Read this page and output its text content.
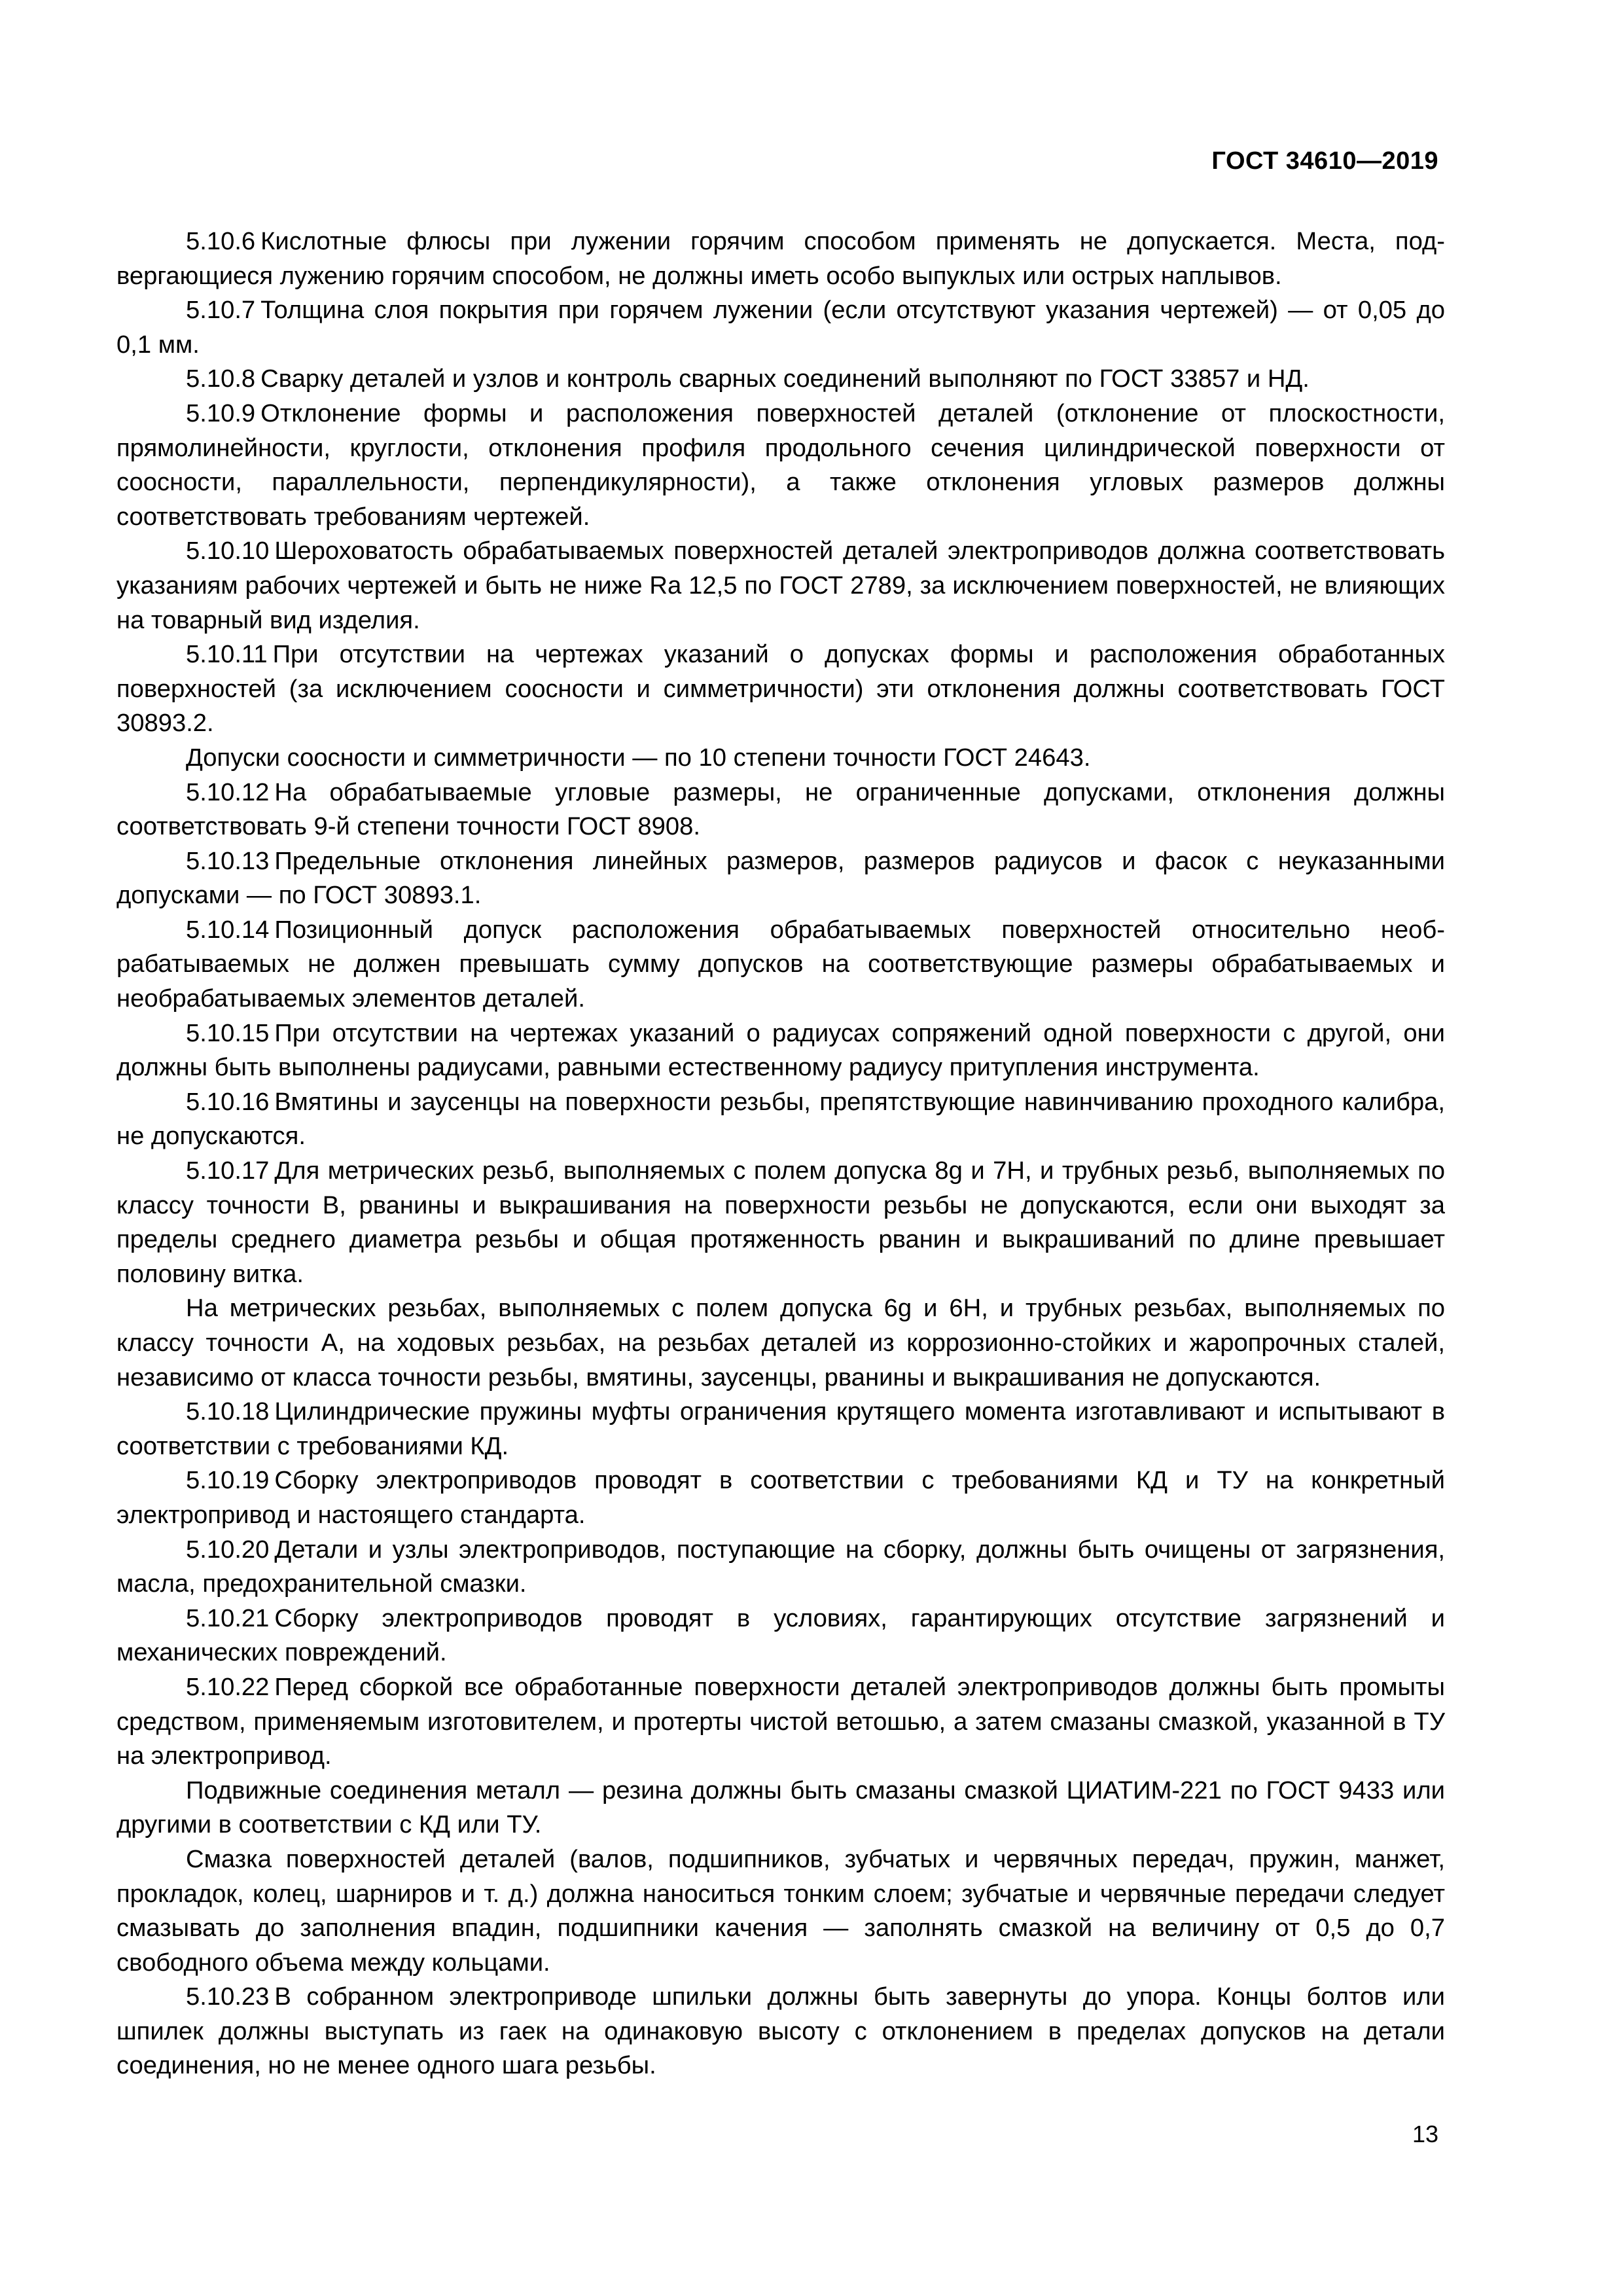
ГОСТ 34610—2019

5.10.6 Кислотные флюсы при лужении горячим способом применять не допускается. Места, подвергающиеся лужению горячим способом, не должны иметь особо выпуклых или острых наплывов.

5.10.7 Толщина слоя покрытия при горячем лужении (если отсутствуют указания чертежей) — от 0,05 до 0,1 мм.

5.10.8 Сварку деталей и узлов и контроль сварных соединений выполняют по ГОСТ 33857 и НД.

5.10.9 Отклонение формы и расположения поверхностей деталей (отклонение от плоскостности, прямолинейности, круглости, отклонения профиля продольного сечения цилиндрической поверхности от соосности, параллельности, перпендикулярности), а также отклонения угловых размеров должны соответствовать требованиям чертежей.

5.10.10 Шероховатость обрабатываемых поверхностей деталей электроприводов должна соответствовать указаниям рабочих чертежей и быть не ниже Ra 12,5 по ГОСТ 2789, за исключением поверхностей, не влияющих на товарный вид изделия.

5.10.11 При отсутствии на чертежах указаний о допусках формы и расположения обработанных поверхностей (за исключением соосности и симметричности) эти отклонения должны соответствовать ГОСТ 30893.2.

Допуски соосности и симметричности — по 10 степени точности ГОСТ 24643.

5.10.12 На обрабатываемые угловые размеры, не ограниченные допусками, отклонения должны соответствовать 9-й степени точности ГОСТ 8908.

5.10.13 Предельные отклонения линейных размеров, размеров радиусов и фасок с неуказанными допусками — по ГОСТ 30893.1.

5.10.14 Позиционный допуск расположения обрабатываемых поверхностей относительно необрабатываемых не должен превышать сумму допусков на соответствующие размеры обрабатываемых и необрабатываемых элементов деталей.

5.10.15 При отсутствии на чертежах указаний о радиусах сопряжений одной поверхности с другой, они должны быть выполнены радиусами, равными естественному радиусу притупления инструмента.

5.10.16 Вмятины и заусенцы на поверхности резьбы, препятствующие навинчиванию проходного калибра, не допускаются.

5.10.17 Для метрических резьб, выполняемых с полем допуска 8g и 7H, и трубных резьб, выполняемых по классу точности B, рванины и выкрашивания на поверхности резьбы не допускаются, если они выходят за пределы среднего диаметра резьбы и общая протяженность рванин и выкрашиваний по длине превышает половину витка.

На метрических резьбах, выполняемых с полем допуска 6g и 6H, и трубных резьбах, выполняемых по классу точности A, на ходовых резьбах, на резьбах деталей из коррозионно-стойких и жаропрочных сталей, независимо от класса точности резьбы, вмятины, заусенцы, рванины и выкрашивания не допускаются.

5.10.18 Цилиндрические пружины муфты ограничения крутящего момента изготавливают и испытывают в соответствии с требованиями КД.

5.10.19 Сборку электроприводов проводят в соответствии с требованиями КД и ТУ на конкретный электропривод и настоящего стандарта.

5.10.20 Детали и узлы электроприводов, поступающие на сборку, должны быть очищены от загрязнения, масла, предохранительной смазки.

5.10.21 Сборку электроприводов проводят в условиях, гарантирующих отсутствие загрязнений и механических повреждений.

5.10.22 Перед сборкой все обработанные поверхности деталей электроприводов должны быть промыты средством, применяемым изготовителем, и протерты чистой ветошью, а затем смазаны смазкой, указанной в ТУ на электропривод.

Подвижные соединения металл — резина должны быть смазаны смазкой ЦИАТИМ-221 по ГОСТ 9433 или другими в соответствии с КД или ТУ.

Смазка поверхностей деталей (валов, подшипников, зубчатых и червячных передач, пружин, манжет, прокладок, колец, шарниров и т. д.) должна наноситься тонким слоем; зубчатые и червячные передачи следует смазывать до заполнения впадин, подшипники качения — заполнять смазкой на величину от 0,5 до 0,7 свободного объема между кольцами.

5.10.23 В собранном электроприводе шпильки должны быть завернуты до упора. Концы болтов или шпилек должны выступать из гаек на одинаковую высоту с отклонением в пределах допусков на детали соединения, но не менее одного шага резьбы.

13
